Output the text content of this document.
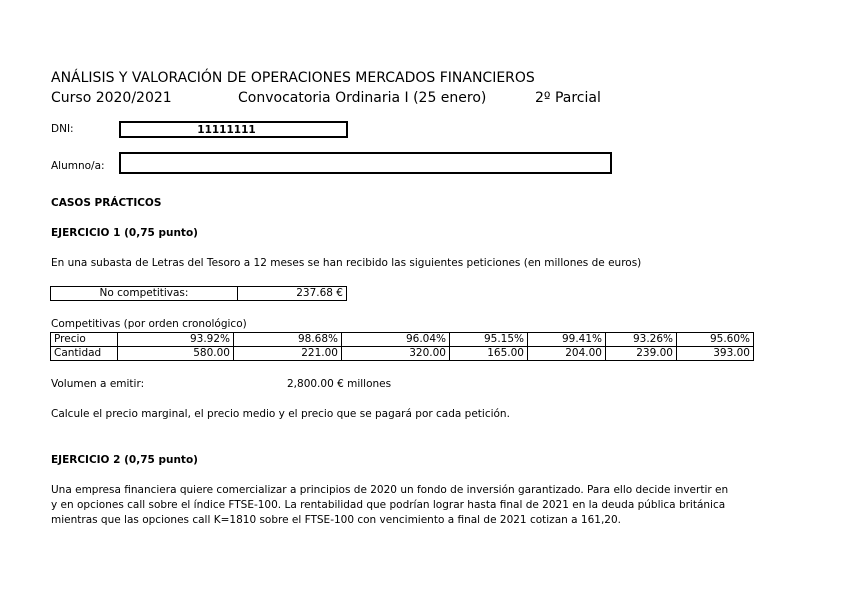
ANÁLISIS Y VALORACIÓN DE OPERACIONES MERCADOS FINANCIEROS
Curso 2020/2021	Convocatoria Ordinaria I (25 enero)	2º Parcial
DNI:	11111111
Alumno/a:
CASOS PRÁCTICOS
EJERCICIO 1 (0,75 punto)
En una subasta de Letras del Tesoro a 12 meses se han recibido las siguientes peticiones (en millones de euros)
No competitivas:	237.68 €
Competitivas (por orden cronológico)
Precio	93.92%	98.68%	96.04%	95.15%	99.41%	93.26%	95.60%
Cantidad	580.00	221.00	320.00	165.00	204.00	239.00	393.00
Volumen a emitir:	2,800.00 € millones
Calcule el precio marginal, el precio medio y el precio que se pagará por cada petición.
EJERCICIO 2 (0,75 punto)
Una empresa financiera quiere comercializar a principios de 2020 un fondo de inversión garantizado. Para ello decide invertir en
y en opciones call sobre el índice FTSE-100. La rentabilidad que podrían lograr hasta final de 2021 en la deuda pública británica
mientras que las opciones call K=1810 sobre el FTSE-100 con vencimiento a final de 2021 cotizan a 161,20.
